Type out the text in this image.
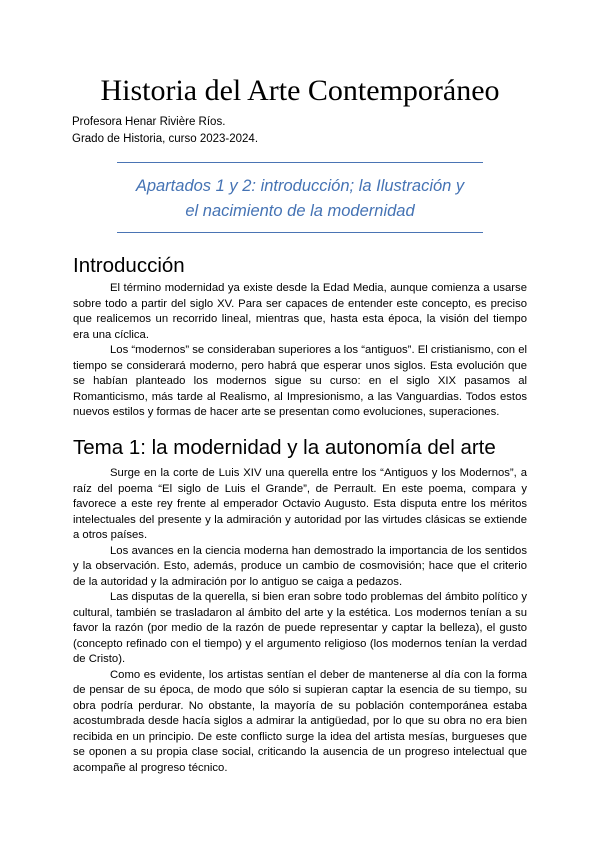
Historia del Arte Contemporáneo
Profesora Henar Rivière Ríos.
Grado de Historia, curso 2023-2024.
Apartados 1 y 2: introducción; la Ilustración y
el nacimiento de la modernidad
Introducción

El término modernidad ya existe desde la Edad Media, aunque comienza a usarse sobre todo a partir del siglo XV. Para ser capaces de entender este concepto, es preciso que realicemos un recorrido lineal, mientras que, hasta esta época, la visión del tiempo era una cíclica.

Los “modernos” se consideraban superiores a los “antiguos”. El cristianismo, con el tiempo se considerará moderno, pero habrá que esperar unos siglos. Esta evolución que se habían planteado los modernos sigue su curso: en el siglo XIX pasamos al Romanticismo, más tarde al Realismo, al Impresionismo, a las Vanguardias. Todos estos nuevos estilos y formas de hacer arte se presentan como evoluciones, superaciones.

Tema 1: la modernidad y la autonomía del arte

Surge en la corte de Luis XIV una querella entre los “Antiguos y los Modernos”, a raíz del poema “El siglo de Luis el Grande”, de Perrault. En este poema, compara y favorece a este rey frente al emperador Octavio Augusto. Esta disputa entre los méritos intelectuales del presente y la admiración y autoridad por las virtudes clásicas se extiende a otros países.

Los avances en la ciencia moderna han demostrado la importancia de los sentidos y la observación. Esto, además, produce un cambio de cosmovisión; hace que el criterio de la autoridad y la admiración por lo antiguo se caiga a pedazos.

Las disputas de la querella, si bien eran sobre todo problemas del ámbito político y cultural, también se trasladaron al ámbito del arte y la estética. Los modernos tenían a su favor la razón (por medio de la razón de puede representar y captar la belleza), el gusto (concepto refinado con el tiempo) y el argumento religioso (los modernos tenían la verdad de Cristo).

Como es evidente, los artistas sentían el deber de mantenerse al día con la forma de pensar de su época, de modo que sólo si supieran captar la esencia de su tiempo, su obra podría perdurar. No obstante, la mayoría de su población contemporánea estaba acostumbrada desde hacía siglos a admirar la antigüedad, por lo que su obra no era bien recibida en un principio. De este conflicto surge la idea del artista mesías, burgueses que se oponen a su propia clase social, criticando la ausencia de un progreso intelectual que acompañe al progreso técnico.
